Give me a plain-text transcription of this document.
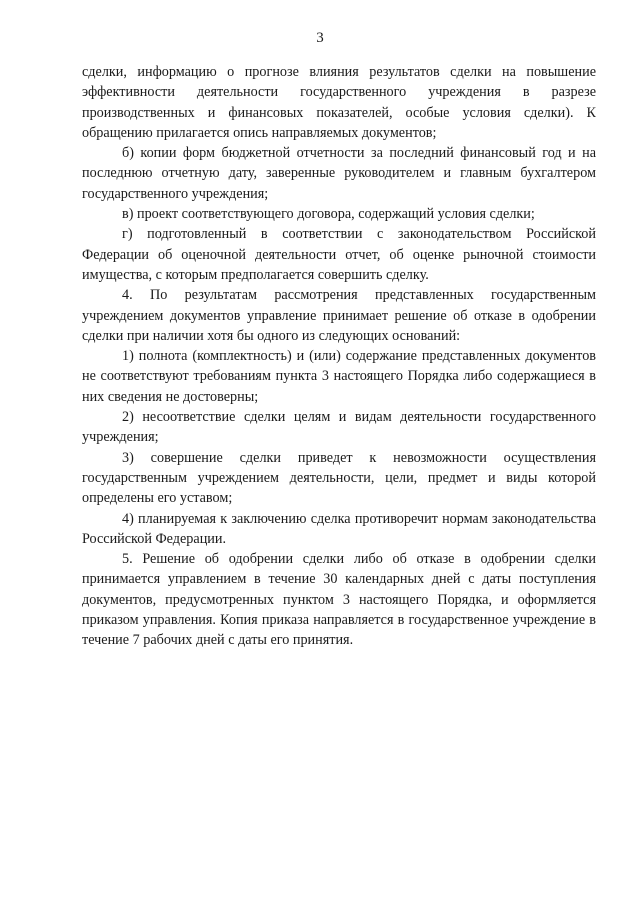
3

сделки, информацию о прогнозе влияния результатов сделки на повышение эффективности деятельности государственного учреждения в разрезе производственных и финансовых показателей, особые условия сделки). К обращению прилагается опись направляемых документов;

б) копии форм бюджетной отчетности за последний финансовый год и на последнюю отчетную дату, заверенные руководителем и главным бухгалтером государственного учреждения;

в) проект соответствующего договора, содержащий условия сделки;

г) подготовленный в соответствии с законодательством Российской Федерации об оценочной деятельности отчет, об оценке рыночной стоимости имущества, с которым предполагается совершить сделку.

4. По результатам рассмотрения представленных государственным учреждением документов управление принимает решение об отказе в одобрении сделки при наличии хотя бы одного из следующих оснований:

1) полнота (комплектность) и (или) содержание представленных документов не соответствуют требованиям пункта 3 настоящего Порядка либо содержащиеся в них сведения не достоверны;

2) несоответствие сделки целям и видам деятельности государственного учреждения;

3) совершение сделки приведет к невозможности осуществления государственным учреждением деятельности, цели, предмет и виды которой определены его уставом;

4) планируемая к заключению сделка противоречит нормам законодательства Российской Федерации.

5. Решение об одобрении сделки либо об отказе в одобрении сделки принимается управлением в течение 30 календарных дней с даты поступления документов, предусмотренных пунктом 3 настоящего Порядка, и оформляется приказом управления. Копия приказа направляется в государственное учреждение в течение 7 рабочих дней с даты его принятия.
